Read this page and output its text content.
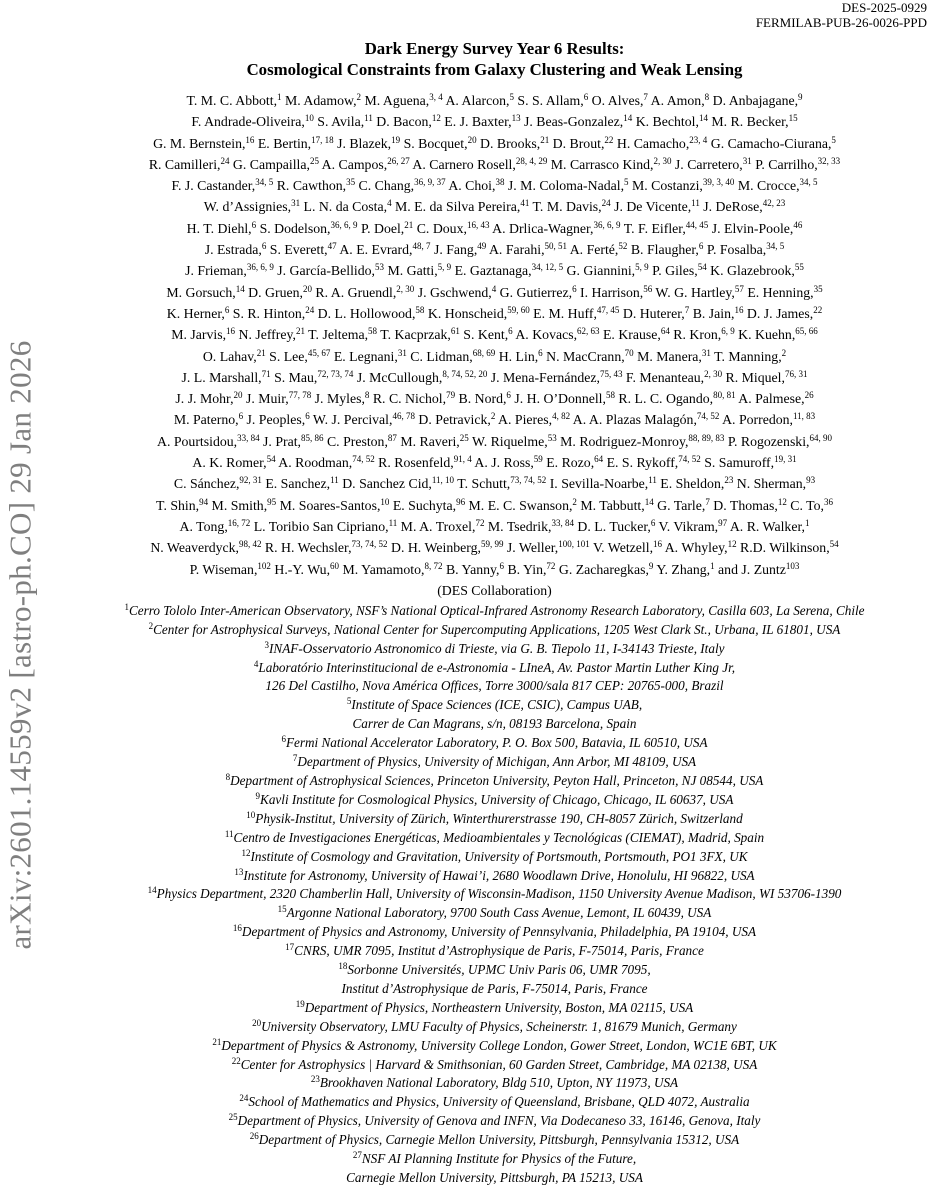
DES-2025-0929
FERMILAB-PUB-26-0026-PPD
arXiv:2601.14559v2 [astro-ph.CO] 29 Jan 2026
Dark Energy Survey Year 6 Results:
Cosmological Constraints from Galaxy Clustering and Weak Lensing
T. M. C. Abbott,$^1$ M. Adamow,$^2$ M. Aguena,$^{3, 4}$ A. Alarcon,$^5$ S. S. Allam,$^6$ O. Alves,$^7$ A. Amon,$^8$ D. Anbajagane,$^9$
F. Andrade-Oliveira,$^{10}$ S. Avila,$^{11}$ D. Bacon,$^{12}$ E. J. Baxter,$^{13}$ J. Beas-Gonzalez,$^{14}$ K. Bechtol,$^{14}$ M. R. Becker,$^{15}$
G. M. Bernstein,$^{16}$ E. Bertin,$^{17, 18}$ J. Blazek,$^{19}$ S. Bocquet,$^{20}$ D. Brooks,$^{21}$ D. Brout,$^{22}$ H. Camacho,$^{23, 4}$ G. Camacho-Ciurana,$^5$
R. Camilleri,$^{24}$ G. Campailla,$^{25}$ A. Campos,$^{26, 27}$ A. Carnero Rosell,$^{28, 4, 29}$ M. Carrasco Kind,$^{2, 30}$ J. Carretero,$^{31}$ P. Carrilho,$^{32, 33}$
F. J. Castander,$^{34, 5}$ R. Cawthon,$^{35}$ C. Chang,$^{36, 9, 37}$ A. Choi,$^{38}$ J. M. Coloma-Nadal,$^5$ M. Costanzi,$^{39, 3, 40}$ M. Crocce,$^{34, 5}$
W. d’Assignies,$^{31}$ L. N. da Costa,$^4$ M. E. da Silva Pereira,$^{41}$ T. M. Davis,$^{24}$ J. De Vicente,$^{11}$ J. DeRose,$^{42, 23}$
H. T. Diehl,$^6$ S. Dodelson,$^{36, 6, 9}$ P. Doel,$^{21}$ C. Doux,$^{16, 43}$ A. Drlica-Wagner,$^{36, 6, 9}$ T. F. Eifler,$^{44, 45}$ J. Elvin-Poole,$^{46}$
J. Estrada,$^6$ S. Everett,$^{47}$ A. E. Evrard,$^{48, 7}$ J. Fang,$^{49}$ A. Farahi,$^{50, 51}$ A. Ferté,$^{52}$ B. Flaugher,$^6$ P. Fosalba,$^{34, 5}$
J. Frieman,$^{36, 6, 9}$ J. García-Bellido,$^{53}$ M. Gatti,$^{5, 9}$ E. Gaztanaga,$^{34, 12, 5}$ G. Giannini,$^{5, 9}$ P. Giles,$^{54}$ K. Glazebrook,$^{55}$
M. Gorsuch,$^{14}$ D. Gruen,$^{20}$ R. A. Gruendl,$^{2, 30}$ J. Gschwend,$^4$ G. Gutierrez,$^6$ I. Harrison,$^{56}$ W. G. Hartley,$^{57}$ E. Henning,$^{35}$
K. Herner,$^6$ S. R. Hinton,$^{24}$ D. L. Hollowood,$^{58}$ K. Honscheid,$^{59, 60}$ E. M. Huff,$^{47, 45}$ D. Huterer,$^7$ B. Jain,$^{16}$ D. J. James,$^{22}$
M. Jarvis,$^{16}$ N. Jeffrey,$^{21}$ T. Jeltema,$^{58}$ T. Kacprzak,$^{61}$ S. Kent,$^6$ A. Kovacs,$^{62, 63}$ E. Krause,$^{64}$ R. Kron,$^{6, 9}$ K. Kuehn,$^{65, 66}$
O. Lahav,$^{21}$ S. Lee,$^{45, 67}$ E. Legnani,$^{31}$ C. Lidman,$^{68, 69}$ H. Lin,$^6$ N. MacCrann,$^{70}$ M. Manera,$^{31}$ T. Manning,$^2$
J. L. Marshall,$^{71}$ S. Mau,$^{72, 73, 74}$ J. McCullough,$^{8, 74, 52, 20}$ J. Mena-Fernández,$^{75, 43}$ F. Menanteau,$^{2, 30}$ R. Miquel,$^{76, 31}$
J. J. Mohr,$^{20}$ J. Muir,$^{77, 78}$ J. Myles,$^8$ R. C. Nichol,$^{79}$ B. Nord,$^6$ J. H. O’Donnell,$^{58}$ R. L. C. Ogando,$^{80, 81}$ A. Palmese,$^{26}$
M. Paterno,$^6$ J. Peoples,$^6$ W. J. Percival,$^{46, 78}$ D. Petravick,$^2$ A. Pieres,$^{4, 82}$ A. A. Plazas Malagón,$^{74, 52}$ A. Porredon,$^{11, 83}$
A. Pourtsidou,$^{33, 84}$ J. Prat,$^{85, 86}$ C. Preston,$^{87}$ M. Raveri,$^{25}$ W. Riquelme,$^{53}$ M. Rodriguez-Monroy,$^{88, 89, 83}$ P. Rogozenski,$^{64, 90}$
A. K. Romer,$^{54}$ A. Roodman,$^{74, 52}$ R. Rosenfeld,$^{91, 4}$ A. J. Ross,$^{59}$ E. Rozo,$^{64}$ E. S. Rykoff,$^{74, 52}$ S. Samuroff,$^{19, 31}$
C. Sánchez,$^{92, 31}$ E. Sanchez,$^{11}$ D. Sanchez Cid,$^{11, 10}$ T. Schutt,$^{73, 74, 52}$ I. Sevilla-Noarbe,$^{11}$ E. Sheldon,$^{23}$ N. Sherman,$^{93}$
T. Shin,$^{94}$ M. Smith,$^{95}$ M. Soares-Santos,$^{10}$ E. Suchyta,$^{96}$ M. E. C. Swanson,$^2$ M. Tabbutt,$^{14}$ G. Tarle,$^7$ D. Thomas,$^{12}$ C. To,$^{36}$
A. Tong,$^{16, 72}$ L. Toribio San Cipriano,$^{11}$ M. A. Troxel,$^{72}$ M. Tsedrik,$^{33, 84}$ D. L. Tucker,$^6$ V. Vikram,$^{97}$ A. R. Walker,$^1$
N. Weaverdyck,$^{98, 42}$ R. H. Wechsler,$^{73, 74, 52}$ D. H. Weinberg,$^{59, 99}$ J. Weller,$^{100, 101}$ V. Wetzell,$^{16}$ A. Whyley,$^{12}$ R.D. Wilkinson,$^{54}$
P. Wiseman,$^{102}$ H.-Y. Wu,$^{60}$ M. Yamamoto,$^{8, 72}$ B. Yanny,$^6$ B. Yin,$^{72}$ G. Zacharegkas,$^9$ Y. Zhang,$^1$ and J. Zuntz$^{103}$
(DES Collaboration)
$^1$Cerro Tololo Inter-American Observatory, NSF’s National Optical-Infrared Astronomy Research Laboratory, Casilla 603, La Serena, Chile
$^2$Center for Astrophysical Surveys, National Center for Supercomputing Applications, 1205 West Clark St., Urbana, IL 61801, USA
$^3$INAF-Osservatorio Astronomico di Trieste, via G. B. Tiepolo 11, I-34143 Trieste, Italy
$^4$Laboratório Interinstitucional de e-Astronomia - LIneA, Av. Pastor Martin Luther King Jr,
126 Del Castilho, Nova América Offices, Torre 3000/sala 817 CEP: 20765-000, Brazil
$^5$Institute of Space Sciences (ICE, CSIC), Campus UAB,
Carrer de Can Magrans, s/n, 08193 Barcelona, Spain
$^6$Fermi National Accelerator Laboratory, P. O. Box 500, Batavia, IL 60510, USA
$^7$Department of Physics, University of Michigan, Ann Arbor, MI 48109, USA
$^8$Department of Astrophysical Sciences, Princeton University, Peyton Hall, Princeton, NJ 08544, USA
$^9$Kavli Institute for Cosmological Physics, University of Chicago, Chicago, IL 60637, USA
$^{10}$Physik-Institut, University of Zürich, Winterthurerstrasse 190, CH-8057 Zürich, Switzerland
$^{11}$Centro de Investigaciones Energéticas, Medioambientales y Tecnológicas (CIEMAT), Madrid, Spain
$^{12}$Institute of Cosmology and Gravitation, University of Portsmouth, Portsmouth, PO1 3FX, UK
$^{13}$Institute for Astronomy, University of Hawai’i, 2680 Woodlawn Drive, Honolulu, HI 96822, USA
$^{14}$Physics Department, 2320 Chamberlin Hall, University of Wisconsin-Madison, 1150 University Avenue Madison, WI 53706-1390
$^{15}$Argonne National Laboratory, 9700 South Cass Avenue, Lemont, IL 60439, USA
$^{16}$Department of Physics and Astronomy, University of Pennsylvania, Philadelphia, PA 19104, USA
$^{17}$CNRS, UMR 7095, Institut d’Astrophysique de Paris, F-75014, Paris, France
$^{18}$Sorbonne Universités, UPMC Univ Paris 06, UMR 7095,
Institut d’Astrophysique de Paris, F-75014, Paris, France
$^{19}$Department of Physics, Northeastern University, Boston, MA 02115, USA
$^{20}$University Observatory, LMU Faculty of Physics, Scheinerstr. 1, 81679 Munich, Germany
$^{21}$Department of Physics & Astronomy, University College London, Gower Street, London, WC1E 6BT, UK
$^{22}$Center for Astrophysics | Harvard & Smithsonian, 60 Garden Street, Cambridge, MA 02138, USA
$^{23}$Brookhaven National Laboratory, Bldg 510, Upton, NY 11973, USA
$^{24}$School of Mathematics and Physics, University of Queensland, Brisbane, QLD 4072, Australia
$^{25}$Department of Physics, University of Genova and INFN, Via Dodecaneso 33, 16146, Genova, Italy
$^{26}$Department of Physics, Carnegie Mellon University, Pittsburgh, Pennsylvania 15312, USA
$^{27}$NSF AI Planning Institute for Physics of the Future,
Carnegie Mellon University, Pittsburgh, PA 15213, USA
